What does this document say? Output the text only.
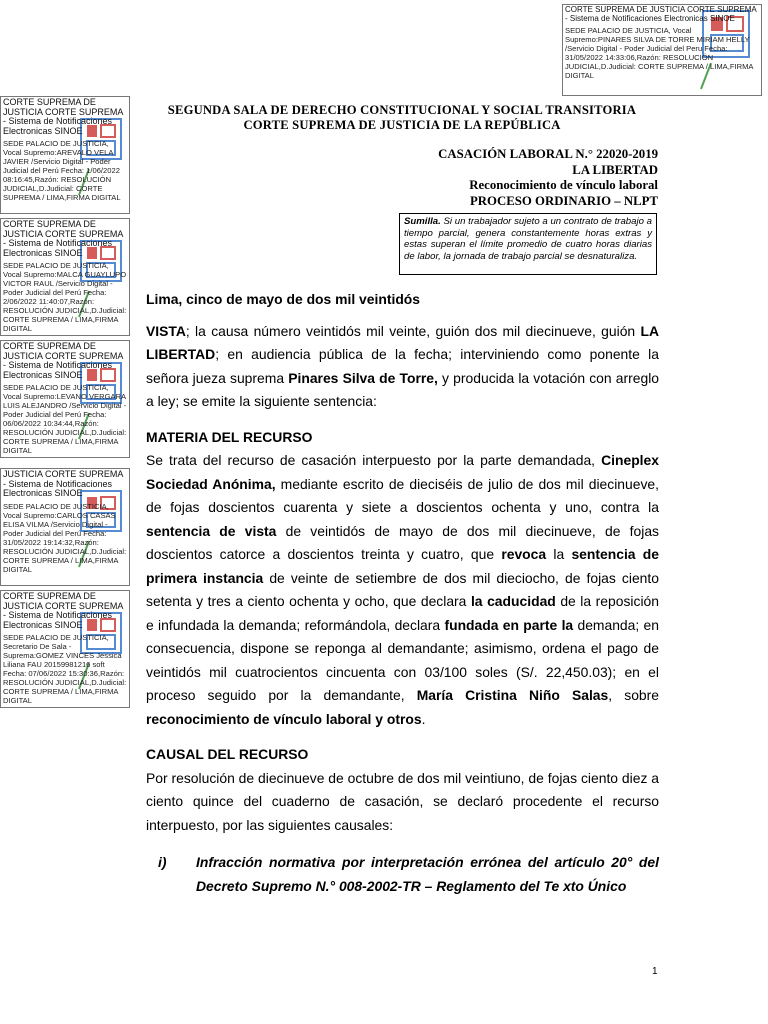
CORTE SUPREMA DE JUSTICIA CORTE SUPREMA - Sistema de Notificaciones Electronicas SINOE
SEDE PALACIO DE JUSTICIA, Vocal Supremo:PINARES SILVA DE TORRE MIRIAM HELLY /Servicio Digital - Poder Judicial del Peru Fecha: 31/05/2022 14:33:06,Razón: RESOLUCIÓN JUDICIAL,D.Judicial: CORTE SUPREMA / LIMA,FIRMA DIGITAL
CORTE SUPREMA DE JUSTICIA CORTE SUPREMA - Sistema de Notificaciones Electronicas SINOE
SEDE PALACIO DE JUSTICIA, Vocal Supremo:AREVALO VELA JAVIER /Servicio Digital - Poder Judicial del Perú Fecha: 1/06/2022 08:16:45,Razón: RESOLUCIÓN JUDICIAL,D.Judicial: CORTE SUPREMA / LIMA,FIRMA DIGITAL
CORTE SUPREMA DE JUSTICIA CORTE SUPREMA - Sistema de Notificaciones Electronicas SINOE
SEDE PALACIO DE JUSTICIA, Vocal Supremo:MALCA GUAYLUPO VICTOR RAUL /Servicio Digital - Poder Judicial del Perú Fecha: 2/06/2022 11:40:07,Razón: RESOLUCIÓN JUDICIAL,D.Judicial: CORTE SUPREMA / LIMA,FIRMA DIGITAL
CORTE SUPREMA DE JUSTICIA CORTE SUPREMA - Sistema de Notificaciones Electronicas SINOE
SEDE PALACIO DE JUSTICIA, Vocal Supremo:LEVANO VERGARA LUIS ALEJANDRO /Servicio Digital - Poder Judicial del Perú Fecha: 06/06/2022 10:34:44,Razón: RESOLUCIÓN JUDICIAL,D.Judicial: CORTE SUPREMA / LIMA,FIRMA DIGITAL
JUSTICIA CORTE SUPREMA - Sistema de Notificaciones Electronicas SINOE
SEDE PALACIO DE JUSTICIA, Vocal Supremo:CARLOS CASAS ELISA VILMA /Servicio Digital - Poder Judicial del Perú Fecha: 31/05/2022 19:14:32,Razón: RESOLUCIÓN JUDICIAL,D.Judicial: CORTE SUPREMA / LIMA,FIRMA DIGITAL
CORTE SUPREMA DE JUSTICIA CORTE SUPREMA - Sistema de Notificaciones Electronicas SINOE
SEDE PALACIO DE JUSTICIA, Secretario De Sala - Suprema:GOMEZ VINCES Jessica Liliana FAU 20159981216 soft Fecha: 07/06/2022 15:30:36,Razón: RESOLUCIÓN JUDICIAL,D.Judicial: CORTE SUPREMA / LIMA,FIRMA DIGITAL
SEGUNDA SALA DE DERECHO CONSTITUCIONAL Y SOCIAL TRANSITORIA
CORTE SUPREMA DE JUSTICIA DE LA REPÚBLICA
CASACIÓN LABORAL N.° 22020-2019
LA LIBERTAD
Reconocimiento de vínculo laboral
PROCESO ORDINARIO – NLPT
Sumilla. Si un trabajador sujeto a un contrato de trabajo a tiempo parcial, genera constantemente horas extras y estas superan el límite promedio de cuatro horas diarias de labor, la jornada de trabajo parcial se desnaturaliza.

Lima, cinco de mayo de dos mil veintidós

VISTA; la causa número veintidós mil veinte, guión dos mil diecinueve, guión LA LIBERTAD; en audiencia pública de la fecha; interviniendo como ponente la señora jueza suprema Pinares Silva de Torre, y producida la votación con arreglo a ley; se emite la siguiente sentencia:

MATERIA DEL RECURSO

Se trata del recurso de casación interpuesto por la parte demandada, Cineplex Sociedad Anónima, mediante escrito de dieciséis de julio de dos mil diecinueve, de fojas doscientos cuarenta y siete a doscientos ochenta y uno, contra la sentencia de vista de veintidós de mayo de dos mil diecinueve, de fojas doscientos catorce a doscientos treinta y cuatro, que revoca la sentencia de primera instancia de veinte de setiembre de dos mil dieciocho, de fojas ciento setenta y tres a ciento ochenta y ocho, que declara la caducidad de la reposición e infundada la demanda; reformándola, declara fundada en parte la demanda; en consecuencia, dispone se reponga al demandante; asimismo, ordena el pago de veintidós mil cuatrocientos cincuenta con 03/100 soles (S/. 22,450.03); en el proceso seguido por la demandante, María Cristina Niño Salas, sobre reconocimiento de vínculo laboral y otros.

CAUSAL DEL RECURSO

Por resolución de diecinueve de octubre de dos mil veintiuno, de fojas ciento diez a ciento quince del cuaderno de casación, se declaró procedente el recurso interpuesto, por las siguientes causales:

i)	Infracción normativa por interpretación errónea del artículo 20° del Decreto Supremo N.° 008-2002-TR – Reglamento del Te xto Único

1
